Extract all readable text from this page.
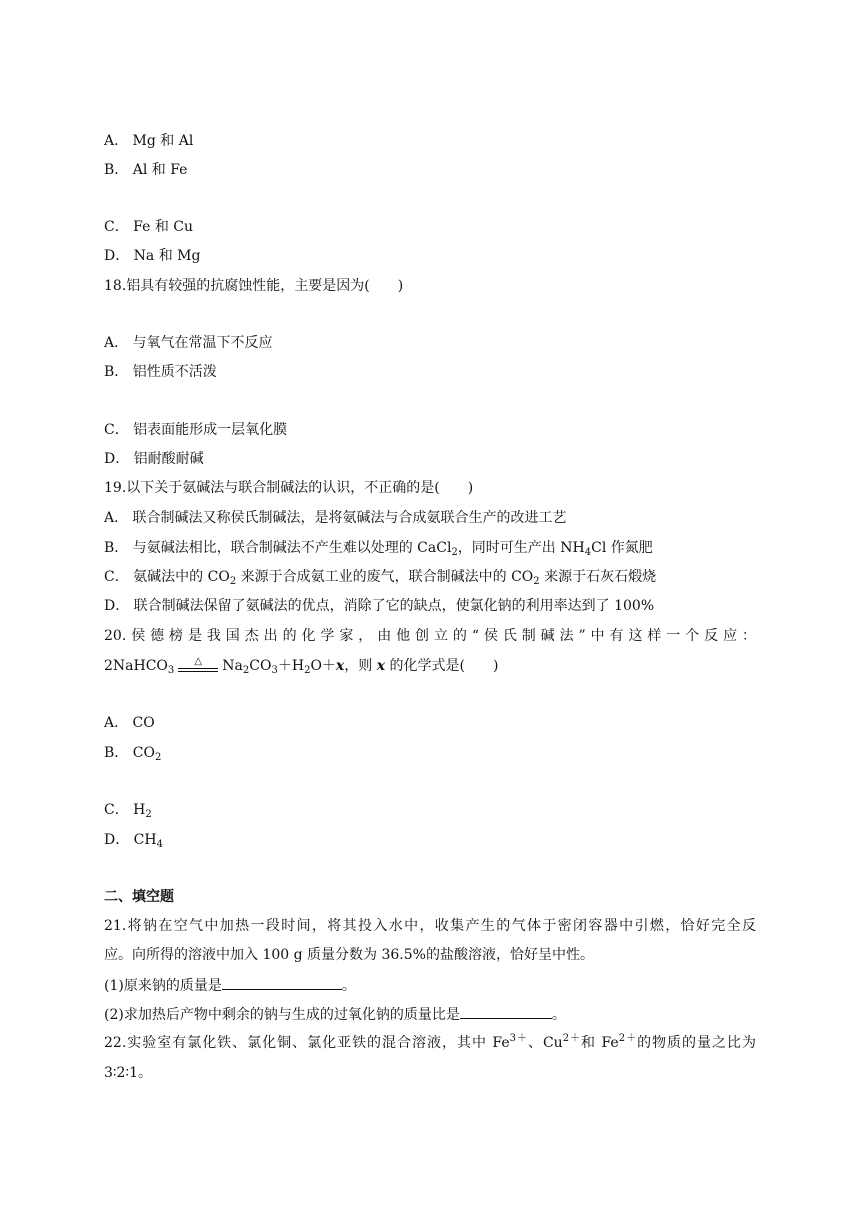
A． Mg 和 Al
B． Al 和 Fe
C． Fe 和 Cu
D． Na 和 Mg
18.铝具有较强的抗腐蚀性能，主要是因为(　　)
A． 与氧气在常温下不反应
B． 铝性质不活泼
C． 铝表面能形成一层氧化膜
D． 铝耐酸耐碱
19.以下关于氨碱法与联合制碱法的认识，不正确的是(　　)
A． 联合制碱法又称侯氏制碱法，是将氨碱法与合成氨联合生产的改进工艺
B． 与氨碱法相比，联合制碱法不产生难以处理的 CaCl$_2$，同时可生产出 $NH_4Cl$ 作氮肥
C． 氨碱法中的 $CO_2$ 来源于合成氨工业的废气，联合制碱法中的 $CO_2$ 来源于石灰石煅烧
D． 联合制碱法保留了氨碱法的优点，消除了它的缺点，使氯化钠的利用率达到了 100%
20.侯德榜是我国杰出的化学家，由他创立的“侯氏制碱法”中有这样一个反应：
2NaHCO$_3$
△	$Na_2CO_3+H_2O+x$，则 x 的化学式是(　　)
A． CO
B． $CO_2$
C． $H_2$
D． $CH_4$
二、填空题
21.将钠在空气中加热一段时间，将其投入水中，收集产生的气体于密闭容器中引燃，恰好完全反
应。向所得的溶液中加入 100 g 质量分数为 36.5%的盐酸溶液，恰好呈中性。
(1)原来钠的质量是	。
(2)求加热后产物中剩余的钠与生成的过氧化钠的质量比是	。
22.实验室有氯化铁、氯化铜、氯化亚铁的混合溶液，其中 $Fe^{3+}$、$Cu^{2+}$和 $Fe^{2+}$的物质的量之比为
3∶2∶1。
